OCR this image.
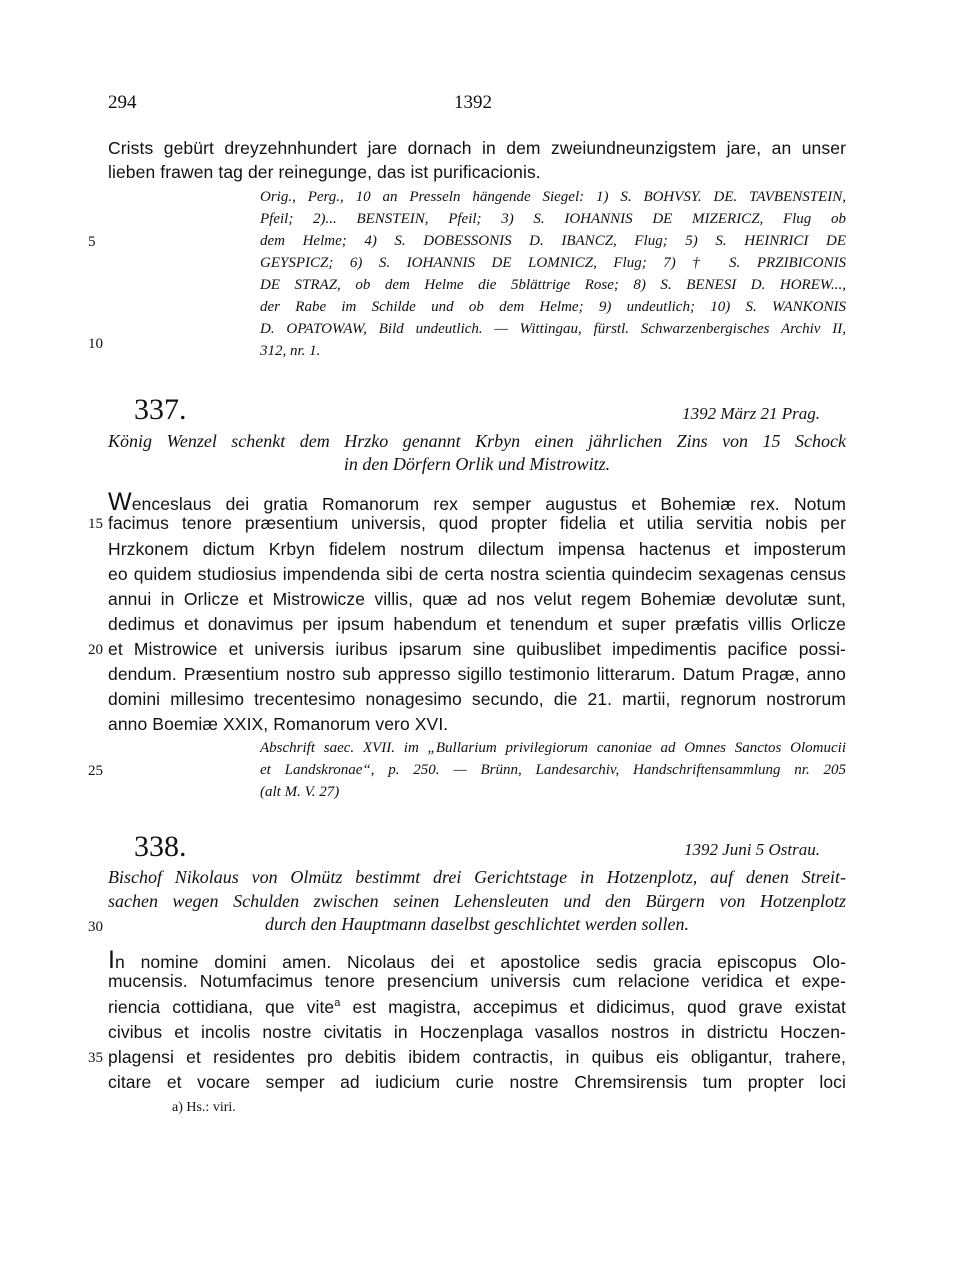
294	1392
Crists gebürt dreyzehnhundert jare dornach in dem zweiundneunzigstem jare, an unser
lieben frawen tag der reinegunge, das ist purificacionis.
Orig., Perg., 10 an Presseln hängende Siegel: 1) S. BOHVSY. DE. TAVBENSTEIN,
Pfeil; 2)... BENSTEIN, Pfeil; 3) S. IOHANNIS DE MIZERICZ, Flug ob
dem Helme; 4) S. DOBESSONIS D. IBANCZ, Flug; 5) S. HEINRICI DE
GEYSPICZ; 6) S. IOHANNIS DE LOMNICZ, Flug; 7) † S. PRZIBICONIS
DE STRAZ, ob dem Helme die 5blättrige Rose; 8) S. BENESI D. HOREW...,
der Rabe im Schilde und ob dem Helme; 9) undeutlich; 10) S. WANKONIS
D. OPATOWAW, Bild undeutlich. — Wittingau, fürstl. Schwarzenbergisches Archiv II,
312, nr. 1.
337.	1392 März 21 Prag.
König Wenzel schenkt dem Hrzko genannt Krbyn einen jährlichen Zins von 15 Schock
in den Dörfern Orlik und Mistrowitz.
Wenceslaus dei gratia Romanorum rex semper augustus et Bohemiæ rex. Notum
facimus tenore præsentium universis, quod propter fidelia et utilia servitia nobis per
Hrzkonem dictum Krbyn fidelem nostrum dilectum impensa hactenus et imposterum
eo quidem studiosius impendenda sibi de certa nostra scientia quindecim sexagenas census
annui in Orlicze et Mistrowicze villis, quæ ad nos velut regem Bohemiæ devolutæ sunt,
dedimus et donavimus per ipsum habendum et tenendum et super præfatis villis Orlicze
et Mistrowice et universis iuribus ipsarum sine quibuslibet impedimentis pacifice possi-
dendum. Præsentium nostro sub appresso sigillo testimonio litterarum. Datum Pragæ, anno
domini millesimo trecentesimo nonagesimo secundo, die 21. martii, regnorum nostrorum
anno Boemiæ XXIX, Romanorum vero XVI.
Abschrift saec. XVII. im „Bullarium privilegiorum canoniae ad Omnes Sanctos Olomucii
et Landskronae“, p. 250. — Brünn, Landesarchiv, Handschriftensammlung nr. 205
(alt M. V. 27)
338.	1392 Juni 5 Ostrau.
Bischof Nikolaus von Olmütz bestimmt drei Gerichtstage in Hotzenplotz, auf denen Streit-
sachen wegen Schulden zwischen seinen Lehensleuten und den Bürgern von Hotzenplotz
durch den Hauptmann daselbst geschlichtet werden sollen.
In nomine domini amen. Nicolaus dei et apostolice sedis gracia episcopus Olo-
mucensis. Notumfacimus tenore presencium universis cum relacione veridica et expe-
riencia cottidiana, que vite$^a$ est magistra, accepimus et didicimus, quod grave existat
civibus et incolis nostre civitatis in Hoczenplaga vasallos nostros in districtu Hoczen-
plagensi et residentes pro debitis ibidem contractis, in quibus eis obligantur, trahere,
citare et vocare semper ad iudicium curie nostre Chremsirensis tum propter loci
a) Hs.: viri.
5
10
15
20
25
30
35
